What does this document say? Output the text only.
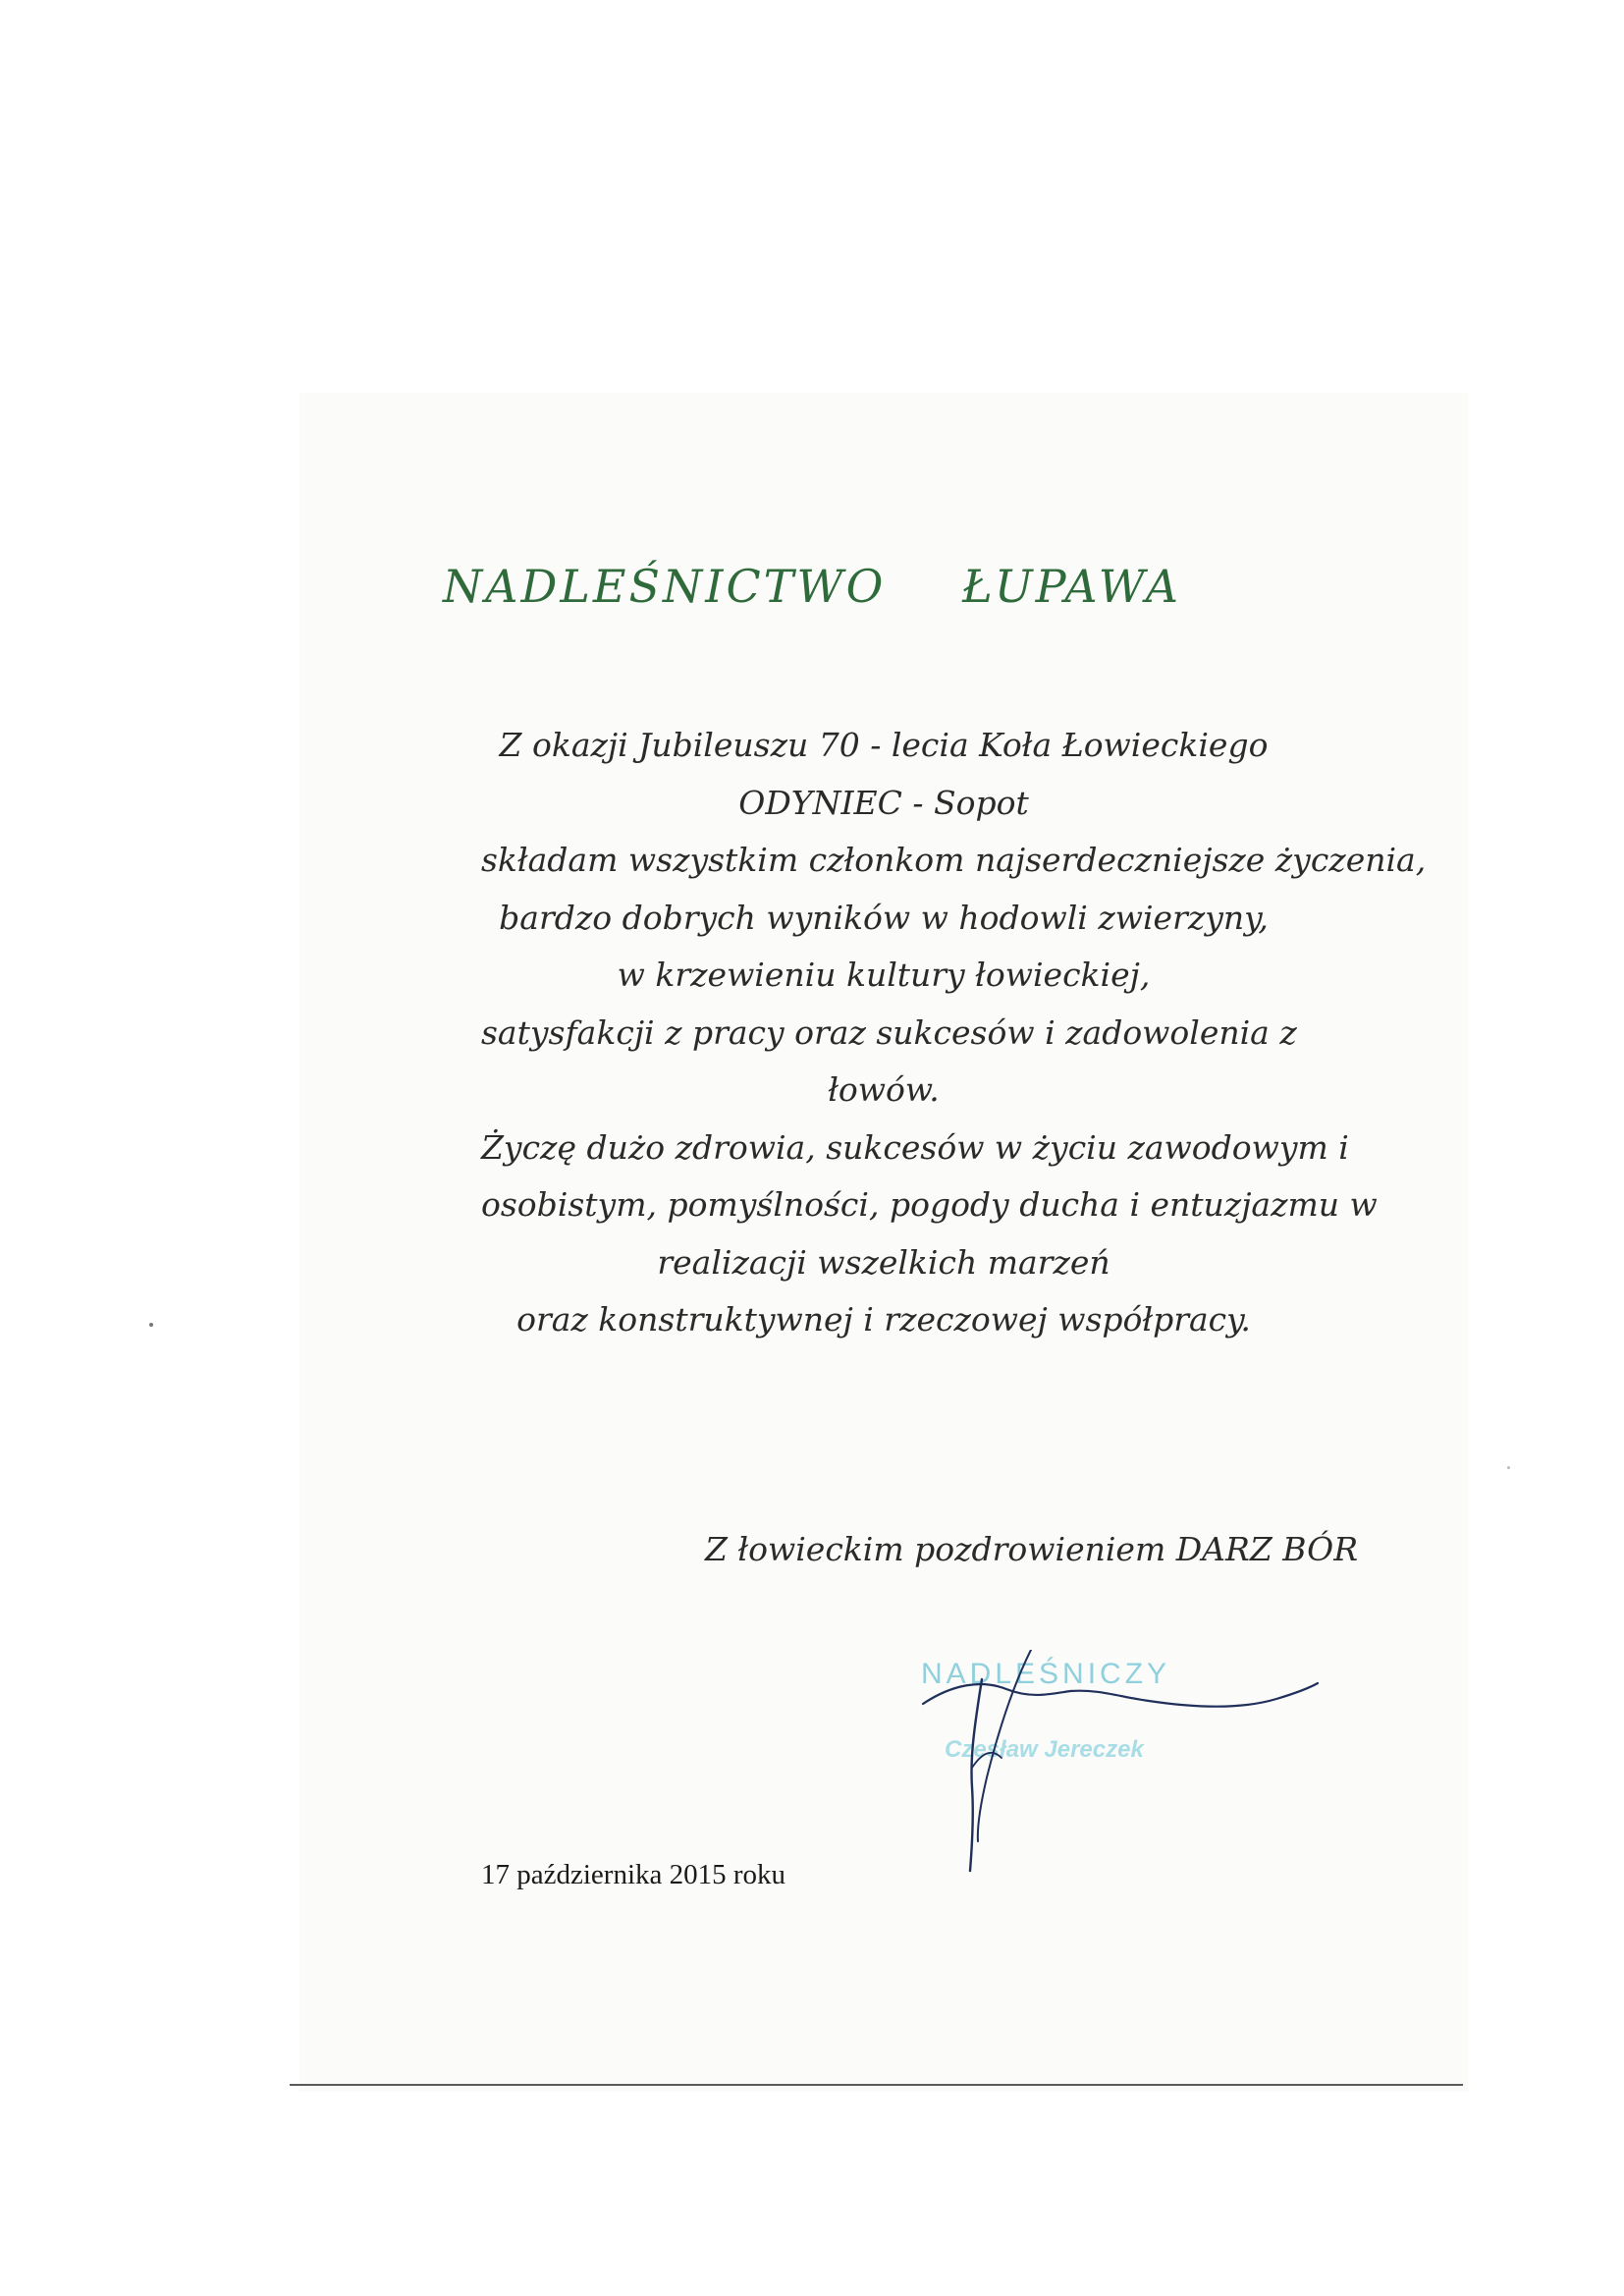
NADLEŚNICTWO ŁUPAWA
Z okazji Jubileuszu 70 - lecia Koła Łowieckiego
ODYNIEC - Sopot
składam wszystkim członkom najserdeczniejsze życzenia,
bardzo dobrych wyników w hodowli zwierzyny,
w krzewieniu kultury łowieckiej,
satysfakcji z pracy oraz sukcesów i zadowolenia z
łowów.
Życzę dużo zdrowia, sukcesów w życiu zawodowym i
osobistym, pomyślności, pogody ducha i entuzjazmu w
realizacji wszelkich marzeń
oraz konstruktywnej i rzeczowej współpracy.
Z łowieckim pozdrowieniem DARZ BÓR
NADLEŚNICZY
Czesław Jereczek
17 października 2015 roku
